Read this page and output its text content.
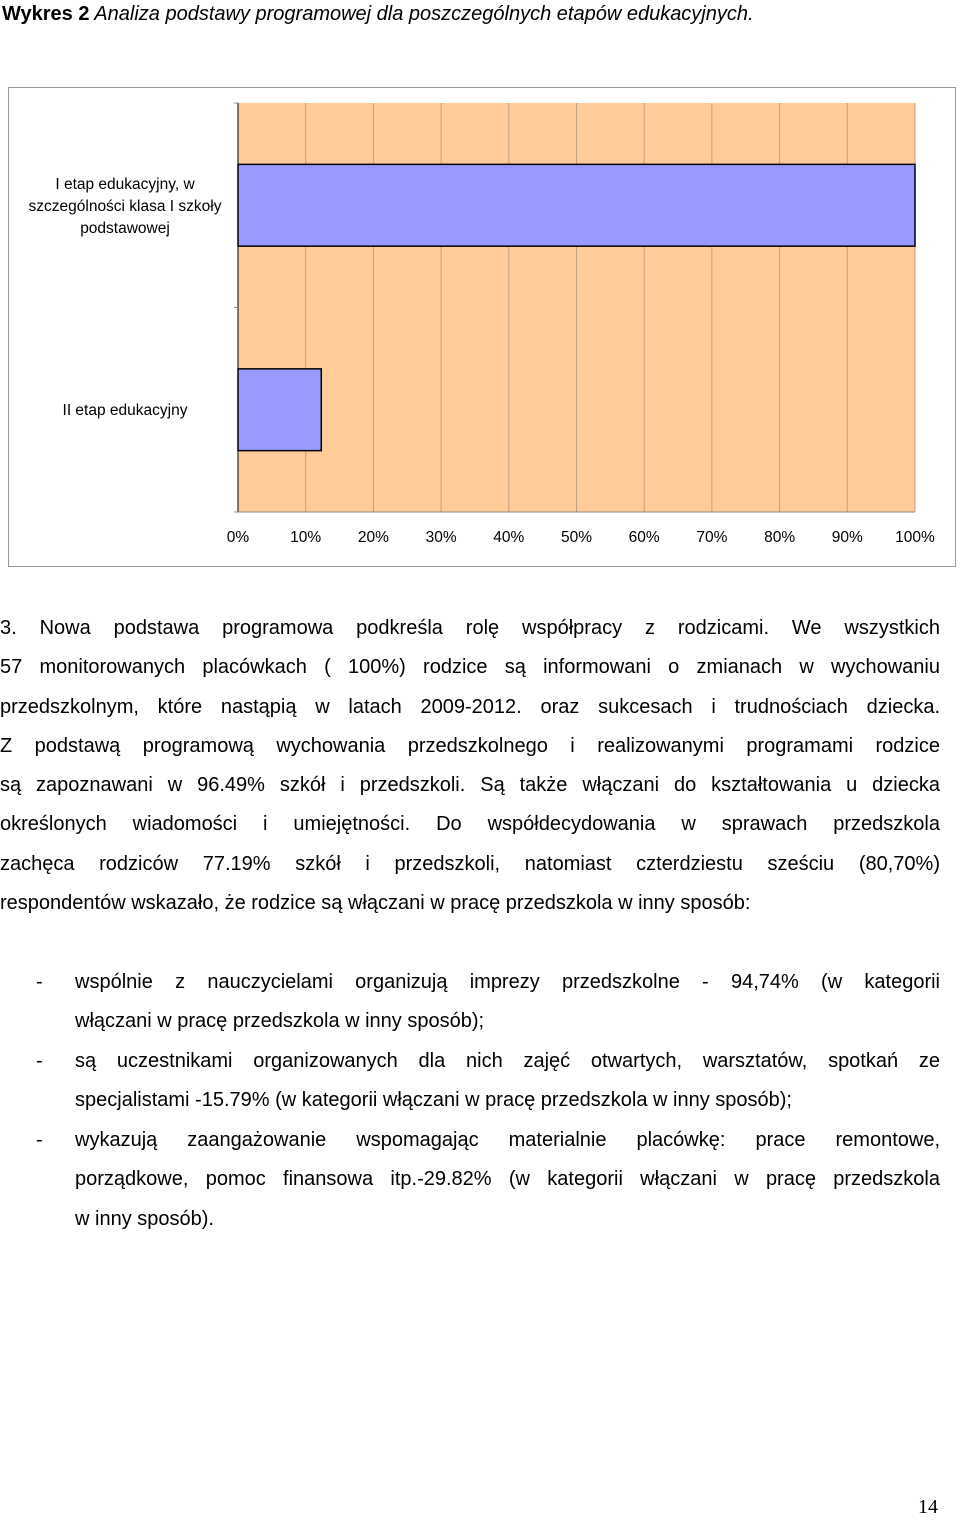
Wykres 2 Analiza podstawy programowej dla poszczególnych etapów edukacyjnych.
0%	10% 20% 30% 40% 50% 60% 70% 80% 90% 100%
I etap edukacyjny, w
szczególności klasa I szkoły
podstawowej
II etap edukacyjny
3. Nowa podstawa programowa podkreśla rolę współpracy z rodzicami. We wszystkich
57 monitorowanych placówkach ( 100%) rodzice są informowani o zmianach w wychowaniu
przedszkolnym, które nastąpią w latach 2009-2012. oraz sukcesach i trudnościach dziecka.
Z podstawą programową wychowania przedszkolnego i realizowanymi programami rodzice
są zapoznawani w 96.49% szkół i przedszkoli. Są także włączani do kształtowania u dziecka
określonych wiadomości i umiejętności. Do współdecydowania w sprawach przedszkola
zachęca rodziców 77.19% szkół i przedszkoli, natomiast czterdziestu sześciu (80,70%)
respondentów wskazało, że rodzice są włączani w pracę przedszkola w inny sposób:
- wspólnie z nauczycielami organizują imprezy przedszkolne - 94,74% (w kategorii
włączani w pracę przedszkola w inny sposób);
- są uczestnikami organizowanych dla nich zajęć otwartych, warsztatów, spotkań ze
specjalistami -15.79% (w kategorii włączani w pracę przedszkola w inny sposób);
- wykazują zaangażowanie wspomagając materialnie placówkę: prace remontowe,
porządkowe, pomoc finansowa itp.-29.82% (w kategorii włączani w pracę przedszkola
w inny sposób).
14
